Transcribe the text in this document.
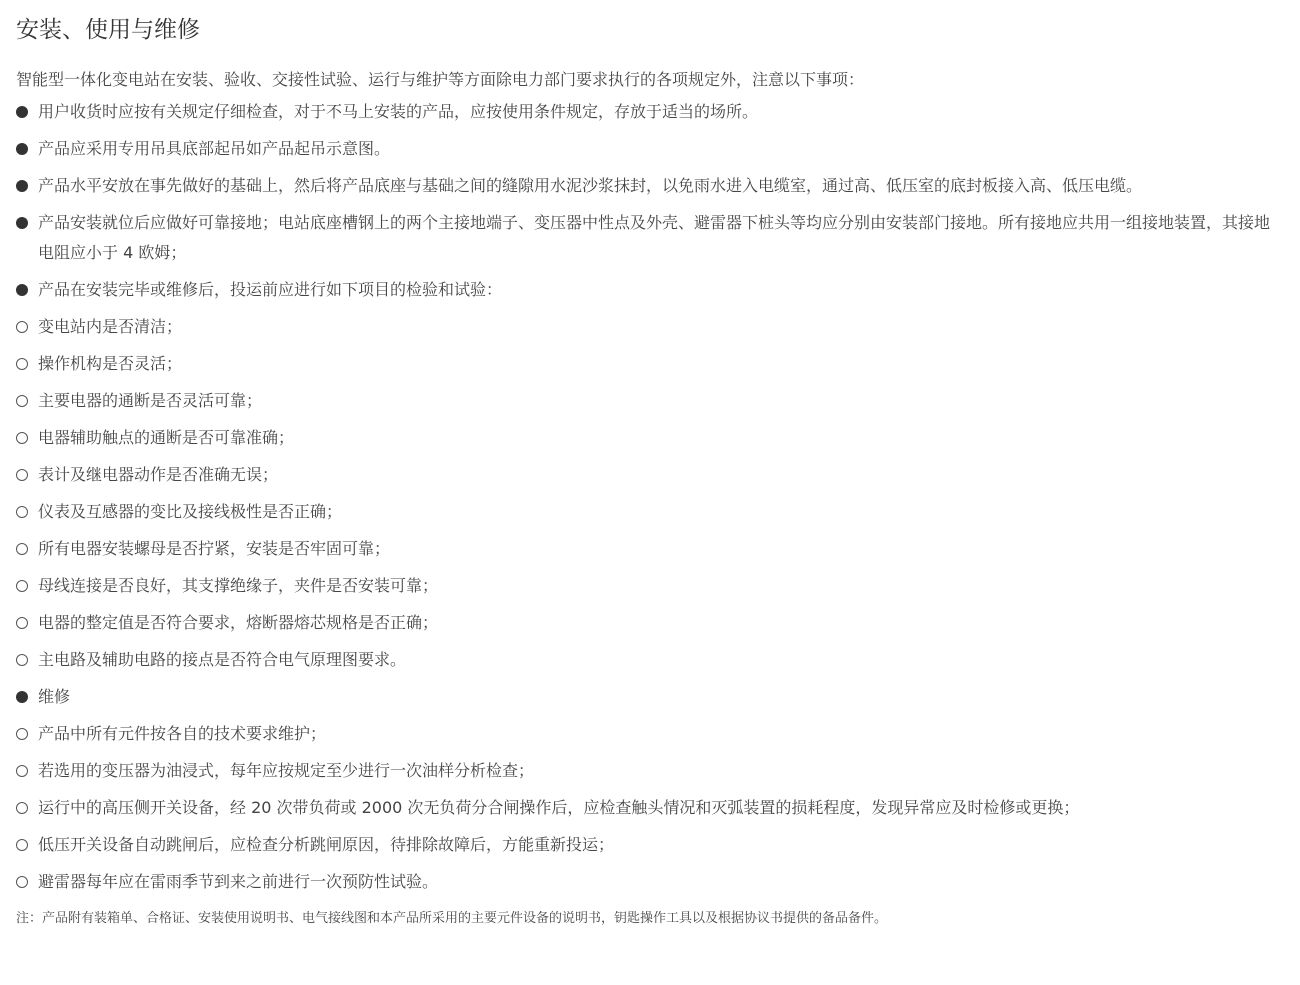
安装、使用与维修
智能型一体化变电站在安装、验收、交接性试验、运行与维护等方面除电力部门要求执行的各项规定外，注意以下事项：
用户收货时应按有关规定仔细检查，对于不马上安装的产品，应按使用条件规定，存放于适当的场所。
产品应采用专用吊具底部起吊如产品起吊示意图。
产品水平安放在事先做好的基础上，然后将产品底座与基础之间的缝隙用水泥沙浆抹封，以免雨水进入电缆室，通过高、低压室的底封板接入高、低压电缆。
产品安装就位后应做好可靠接地；电站底座槽钢上的两个主接地端子、变压器中性点及外壳、避雷器下桩头等均应分别由安装部门接地。所有接地应共用一组接地装置，其接地电阻应小于 4 欧姆；
产品在安装完毕或维修后，投运前应进行如下项目的检验和试验：
变电站内是否清洁；
操作机构是否灵活；
主要电器的通断是否灵活可靠；
电器辅助触点的通断是否可靠准确；
表计及继电器动作是否准确无误；
仪表及互感器的变比及接线极性是否正确；
所有电器安装螺母是否拧紧，安装是否牢固可靠；
母线连接是否良好，其支撑绝缘子，夹件是否安装可靠；
电器的整定值是否符合要求，熔断器熔芯规格是否正确；
主电路及辅助电路的接点是否符合电气原理图要求。
维修
产品中所有元件按各自的技术要求维护；
若选用的变压器为油浸式，每年应按规定至少进行一次油样分析检查；
运行中的高压侧开关设备，经 20 次带负荷或 2000 次无负荷分合闸操作后，应检查触头情况和灭弧装置的损耗程度，发现异常应及时检修或更换；
低压开关设备自动跳闸后，应检查分析跳闸原因，待排除故障后，方能重新投运；
避雷器每年应在雷雨季节到来之前进行一次预防性试验。
注：产品附有装箱单、合格证、安装使用说明书、电气接线图和本产品所采用的主要元件设备的说明书，钥匙操作工具以及根据协议书提供的备品备件。
